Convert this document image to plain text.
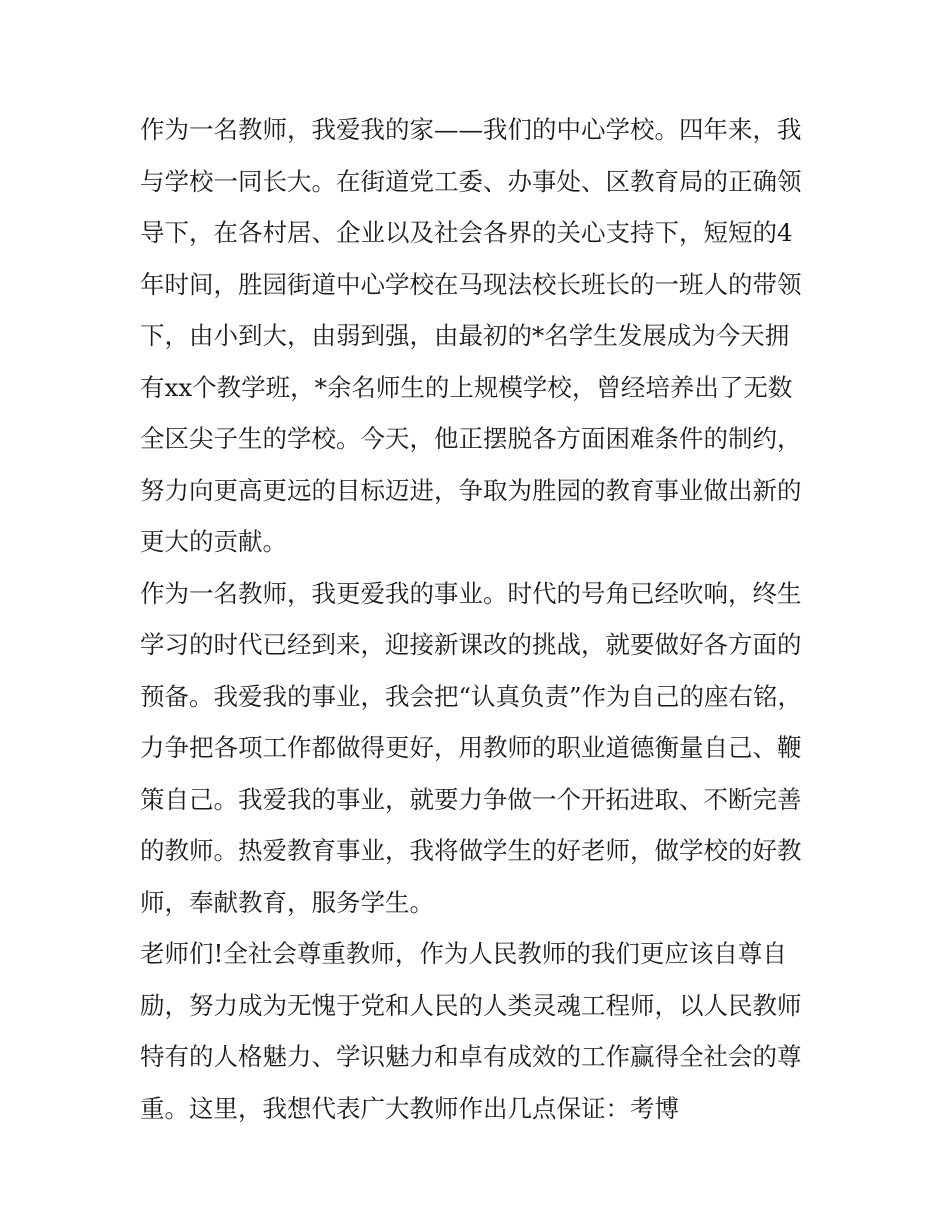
作为一名教师，我爱我的家——我们的中心学校。四年来，我
与学校一同长大。在街道党工委、办事处、区教育局的正确领
导下，在各村居、企业以及社会各界的关心支持下，短短的4
年时间，胜园街道中心学校在马现法校长班长的一班人的带领
下，由小到大，由弱到强，由最初的*名学生发展成为今天拥
有xx个教学班，*余名师生的上规模学校，曾经培养出了无数
全区尖子生的学校。今天，他正摆脱各方面困难条件的制约，
努力向更高更远的目标迈进，争取为胜园的教育事业做出新的
更大的贡献。
作为一名教师，我更爱我的事业。时代的号角已经吹响，终生
学习的时代已经到来，迎接新课改的挑战，就要做好各方面的
预备。我爱我的事业，我会把“认真负责”作为自己的座右铭，
力争把各项工作都做得更好，用教师的职业道德衡量自己、鞭
策自己。我爱我的事业，就要力争做一个开拓进取、不断完善
的教师。热爱教育事业，我将做学生的好老师，做学校的好教
师，奉献教育，服务学生。
老师们!全社会尊重教师，作为人民教师的我们更应该自尊自
励，努力成为无愧于党和人民的人类灵魂工程师，以人民教师
特有的人格魅力、学识魅力和卓有成效的工作赢得全社会的尊
重。这里，我想代表广大教师作出几点保证：考博
